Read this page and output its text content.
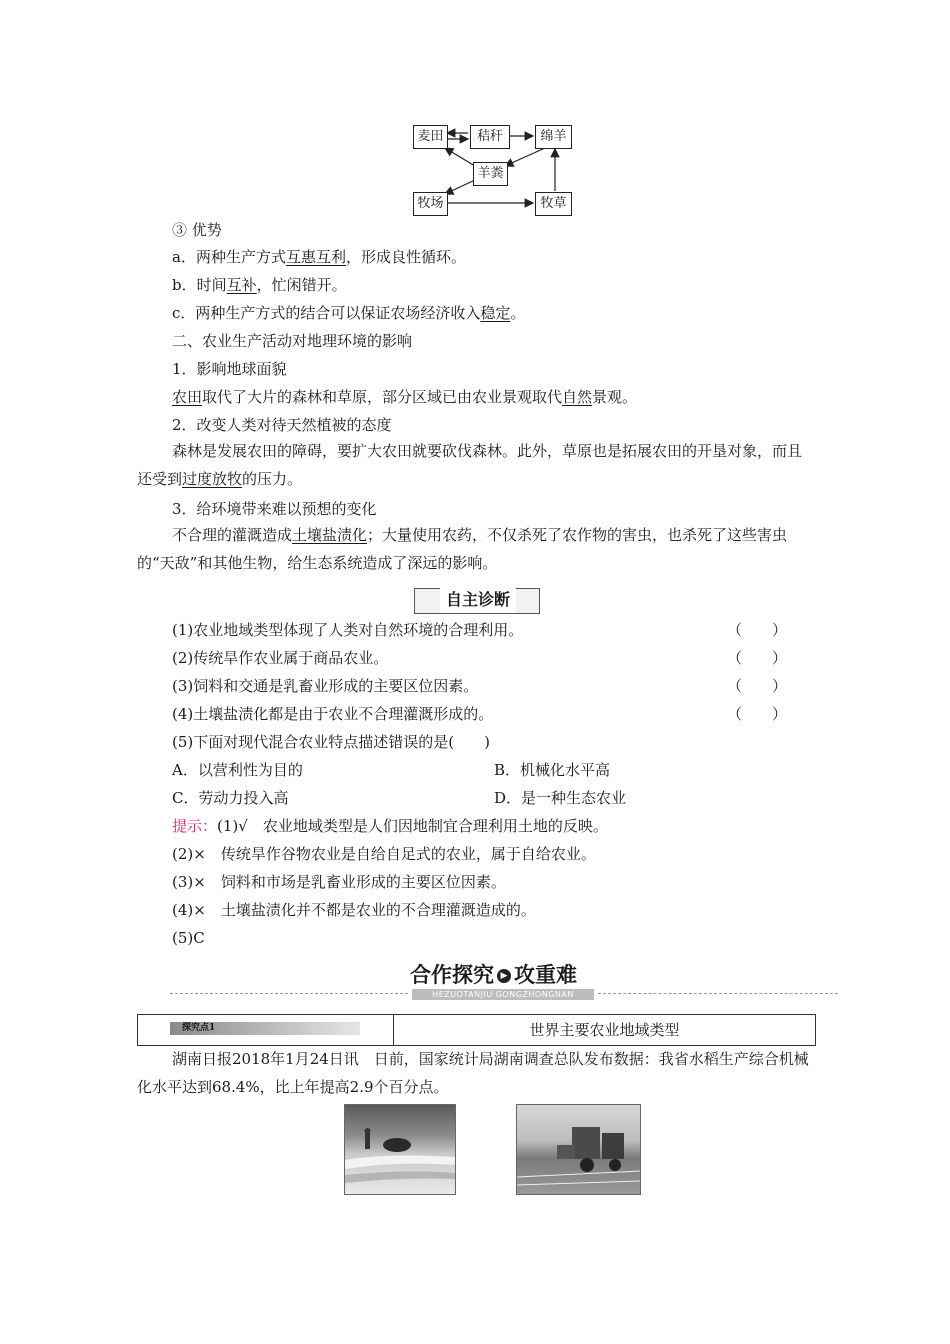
麦田	秸秆	绵羊
羊粪
牧场	牧草
③ 优势
a．两种生产方式互惠互利，形成良性循环。
b．时间互补，忙闲错开。
c．两种生产方式的结合可以保证农场经济收入稳定。
二、农业生产活动对地理环境的影响
1．影响地球面貌
农田取代了大片的森林和草原，部分区域已由农业景观取代自然景观。
2．改变人类对待天然植被的态度
森林是发展农田的障碍，要扩大农田就要砍伐森林。此外，草原也是拓展农田的开垦对象，而且还受到过度放牧的压力。
3．给环境带来难以预想的变化
不合理的灌溉造成土壤盐渍化；大量使用农药，不仅杀死了农作物的害虫，也杀死了这些害虫的“天敌”和其他生物，给生态系统造成了深远的影响。
自主诊断
(1)农业地域类型体现了人类对自然环境的合理利用。	（　　）
(2)传统旱作农业属于商品农业。	（　　）
(3)饲料和交通是乳畜业形成的主要区位因素。	（　　）
(4)土壤盐渍化都是由于农业不合理灌溉形成的。	（　　）
(5)下面对现代混合农业特点描述错误的是(　　)
A．以营利性为目的	B．机械化水平高
C．劳动力投入高	D．是一种生态农业
提示：(1)√　农业地域类型是人们因地制宜合理利用土地的反映。
(2)×　传统旱作谷物农业是自给自足式的农业，属于自给农业。
(3)×　饲料和市场是乳畜业形成的主要区位因素。
(4)×　土壤盐渍化并不都是农业的不合理灌溉造成的。
(5)C
合作探究 ▶ 攻重难
HEZUOTANJIU GONGZHONGNAN
探究点1	世界主要农业地域类型
湖南日报2018年1月24日讯　日前，国家统计局湖南调查总队发布数据：我省水稻生产综合机械化水平达到68.4%，比上年提高2.9个百分点。
